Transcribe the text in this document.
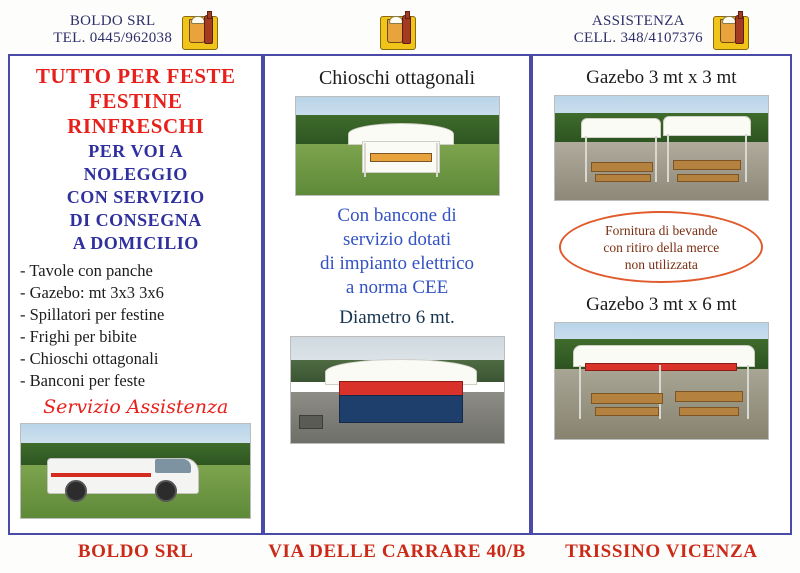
BOLDO SRL
TEL. 0445/962038
TUTTO PER FESTE
FESTINE
RINFRESCHI
PER VOI A
NOLEGGIO
CON SERVIZIO
DI CONSEGNA
A DOMICILIO
- Tavole con panche
- Gazebo: mt 3x3 3x6
- Spillatori per festine
- Frighi per bibite
- Chioschi ottagonali
- Banconi per feste
Servizio Assistenza
BOLDO SRL
Chioschi ottagonali
Con bancone di
servizio dotati
di impianto elettrico
a norma CEE
Diametro 6 mt.
VIA DELLE CARRARE 40/B
ASSISTENZA
CELL. 348/4107376
Gazebo 3 mt x 3 mt
Fornitura di bevande
con ritiro della merce
non utilizzata
Gazebo 3 mt x 6 mt
TRISSINO VICENZA
